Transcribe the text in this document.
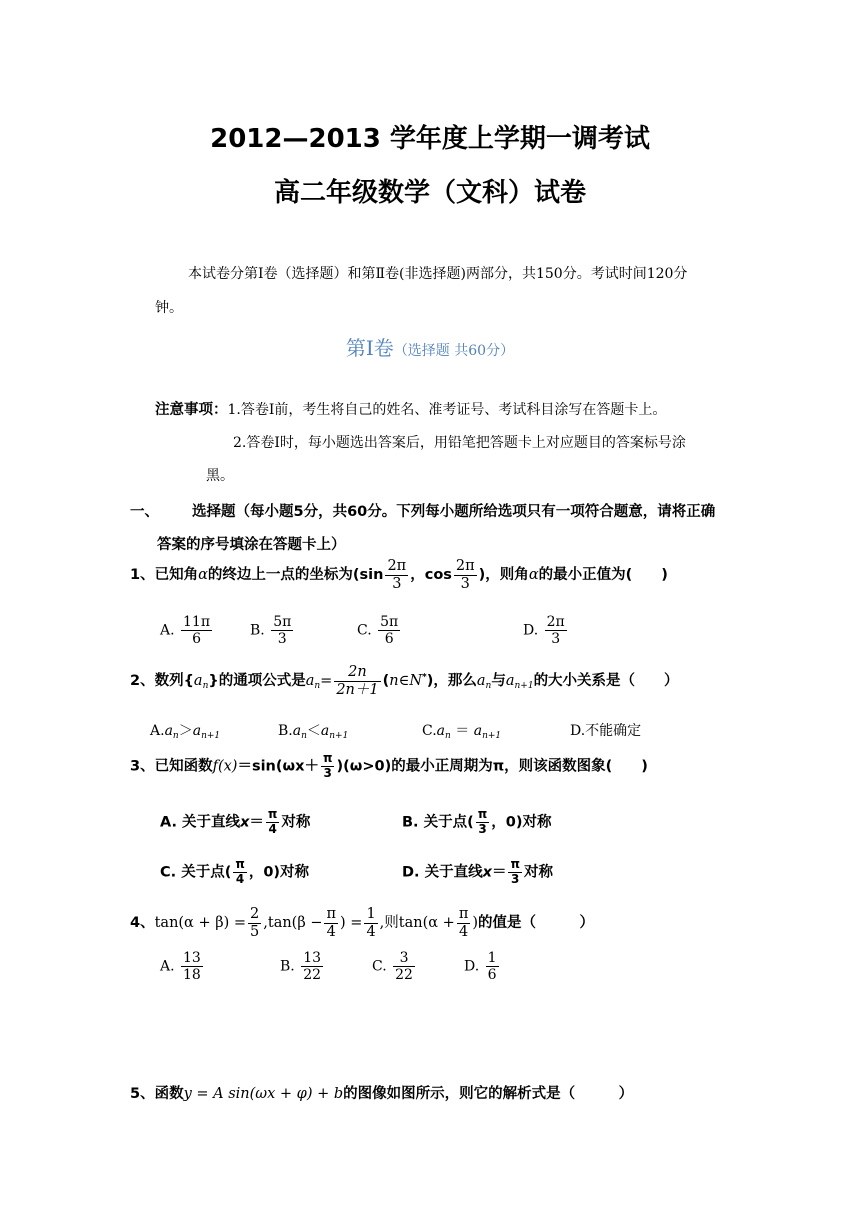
2012—2013 学年度上学期一调考试
高二年级数学（文科）试卷
本试卷分第Ⅰ卷（选择题）和第Ⅱ卷(非选择题)两部分，共150分。考试时间120分
钟。
第Ⅰ卷（选择题 共60分）
注意事项：1.答卷Ⅰ前，考生将自己的姓名、准考证号、考试科目涂写在答题卡上。
2.答卷Ⅰ时，每小题选出答案后，用铅笔把答题卡上对应题目的答案标号涂
黑。
一、 选择题（每小题5分，共60分。下列每小题所给选项只有一项符合题意，请将正确
答案的序号填涂在答题卡上）
1、已知角α的终边上一点的坐标为($\sin \frac{2\pi}{3}$ ，$\cos \frac{2\pi}{3}$ )，则角α的最小正值为(　　)
A. $\frac{11\pi}{6}$	B. $\frac{5\pi}{3}$	C. $\frac{5\pi}{6}$	D. $\frac{2\pi}{3}$
2、数列$\{a_n\}$的通项公式是$a_n= \frac{2n}{2n+1}$ (n∈N*)，那么$a_n$与$a_{n+1}$的大小关系是（　　）
$A.a_n>a_{n+1}$	$B.a_n<a_{n+1}$	$C.a_n = a_{n+1}$	D.不能确定
3、已知函数$f(x)=\sin(\omega x+ \frac{\pi}{3} )(\omega>0)$的最小正周期为π，则该函数图象(　　)
A. 关于直线$x= \frac{\pi}{4}$ 对称	B. 关于点( $\frac{\pi}{3}$ ，0)对称
C. 关于点( $\frac{\pi}{4}$ ，0)对称	D. 关于直线$x= \frac{\pi}{3}$ 对称
4、$\tan(\alpha + \beta) = \frac{2}{5} ,\tan(\beta - \frac{\pi}{4}$ ) = $\frac{1}{4}$ ,则$\tan(\alpha + \frac{\pi}{4}$ )的值是（　　　）
A. $\frac{13}{18}$	B. $\frac{13}{22}$	C. $\frac{3}{22}$	D. $\frac{1}{6}$
5、函数y = A sin(ωx + φ) + b的图像如图所示，则它的解析式是（　　　）
